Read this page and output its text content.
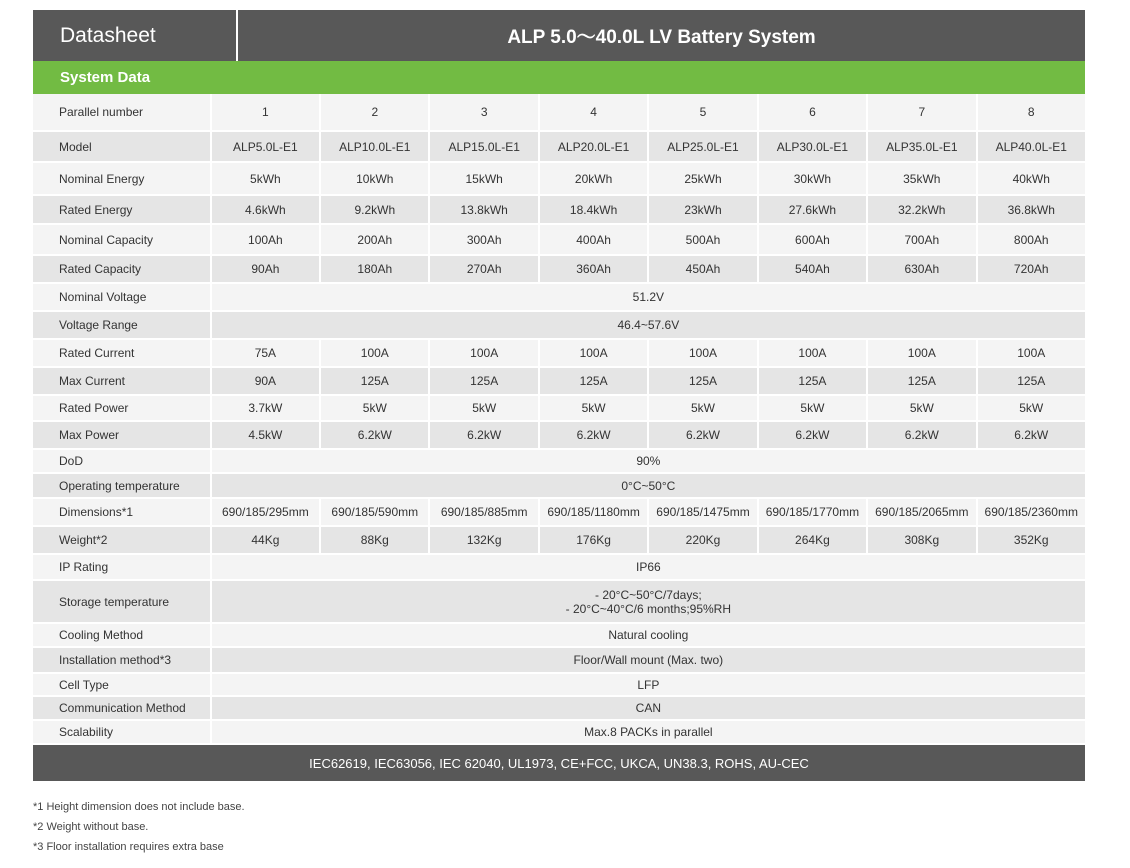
Datasheet	ALP 5.0～40.0L LV Battery System
System Data
Parallel number	1	2	3	4	5	6	7	8
Model	ALP5.0L-E1	ALP10.0L-E1	ALP15.0L-E1	ALP20.0L-E1	ALP25.0L-E1	ALP30.0L-E1	ALP35.0L-E1	ALP40.0L-E1
Nominal Energy	5kWh	10kWh	15kWh	20kWh	25kWh	30kWh	35kWh	40kWh
Rated Energy	4.6kWh	9.2kWh	13.8kWh	18.4kWh	23kWh	27.6kWh	32.2kWh	36.8kWh
Nominal Capacity	100Ah	200Ah	300Ah	400Ah	500Ah	600Ah	700Ah	800Ah
Rated Capacity	90Ah	180Ah	270Ah	360Ah	450Ah	540Ah	630Ah	720Ah
Nominal Voltage	51.2V							
Voltage Range	46.4~57.6V							
Rated Current	75A	100A	100A	100A	100A	100A	100A	100A
Max Current	90A	125A	125A	125A	125A	125A	125A	125A
Rated Power	3.7kW	5kW	5kW	5kW	5kW	5kW	5kW	5kW
Max Power	4.5kW	6.2kW	6.2kW	6.2kW	6.2kW	6.2kW	6.2kW	6.2kW
DoD	90%							
Operating temperature	0°C~50°C							
Dimensions*1	690/185/295mm	690/185/590mm	690/185/885mm	690/185/1180mm	690/185/1475mm	690/185/1770mm	690/185/2065mm	690/185/2360mm
Weight*2	44Kg	88Kg	132Kg	176Kg	220Kg	264Kg	308Kg	352Kg
IP Rating	IP66							
Storage temperature	- 20°C~50°C/7days;
- 20°C~40°C/6 months;95%RH							

Cooling Method	Natural cooling							
Installation method*3	Floor/Wall mount (Max. two)							
Cell Type	LFP							
Communication Method	CAN							
Scalability	Max.8 PACKs in parallel							
IEC62619, IEC63056, IEC 62040, UL1973, CE+FCC, UKCA, UN38.3, ROHS, AU-CEC
*1 Height dimension does not include base.
*2 Weight without base.
*3 Floor installation requires extra base
